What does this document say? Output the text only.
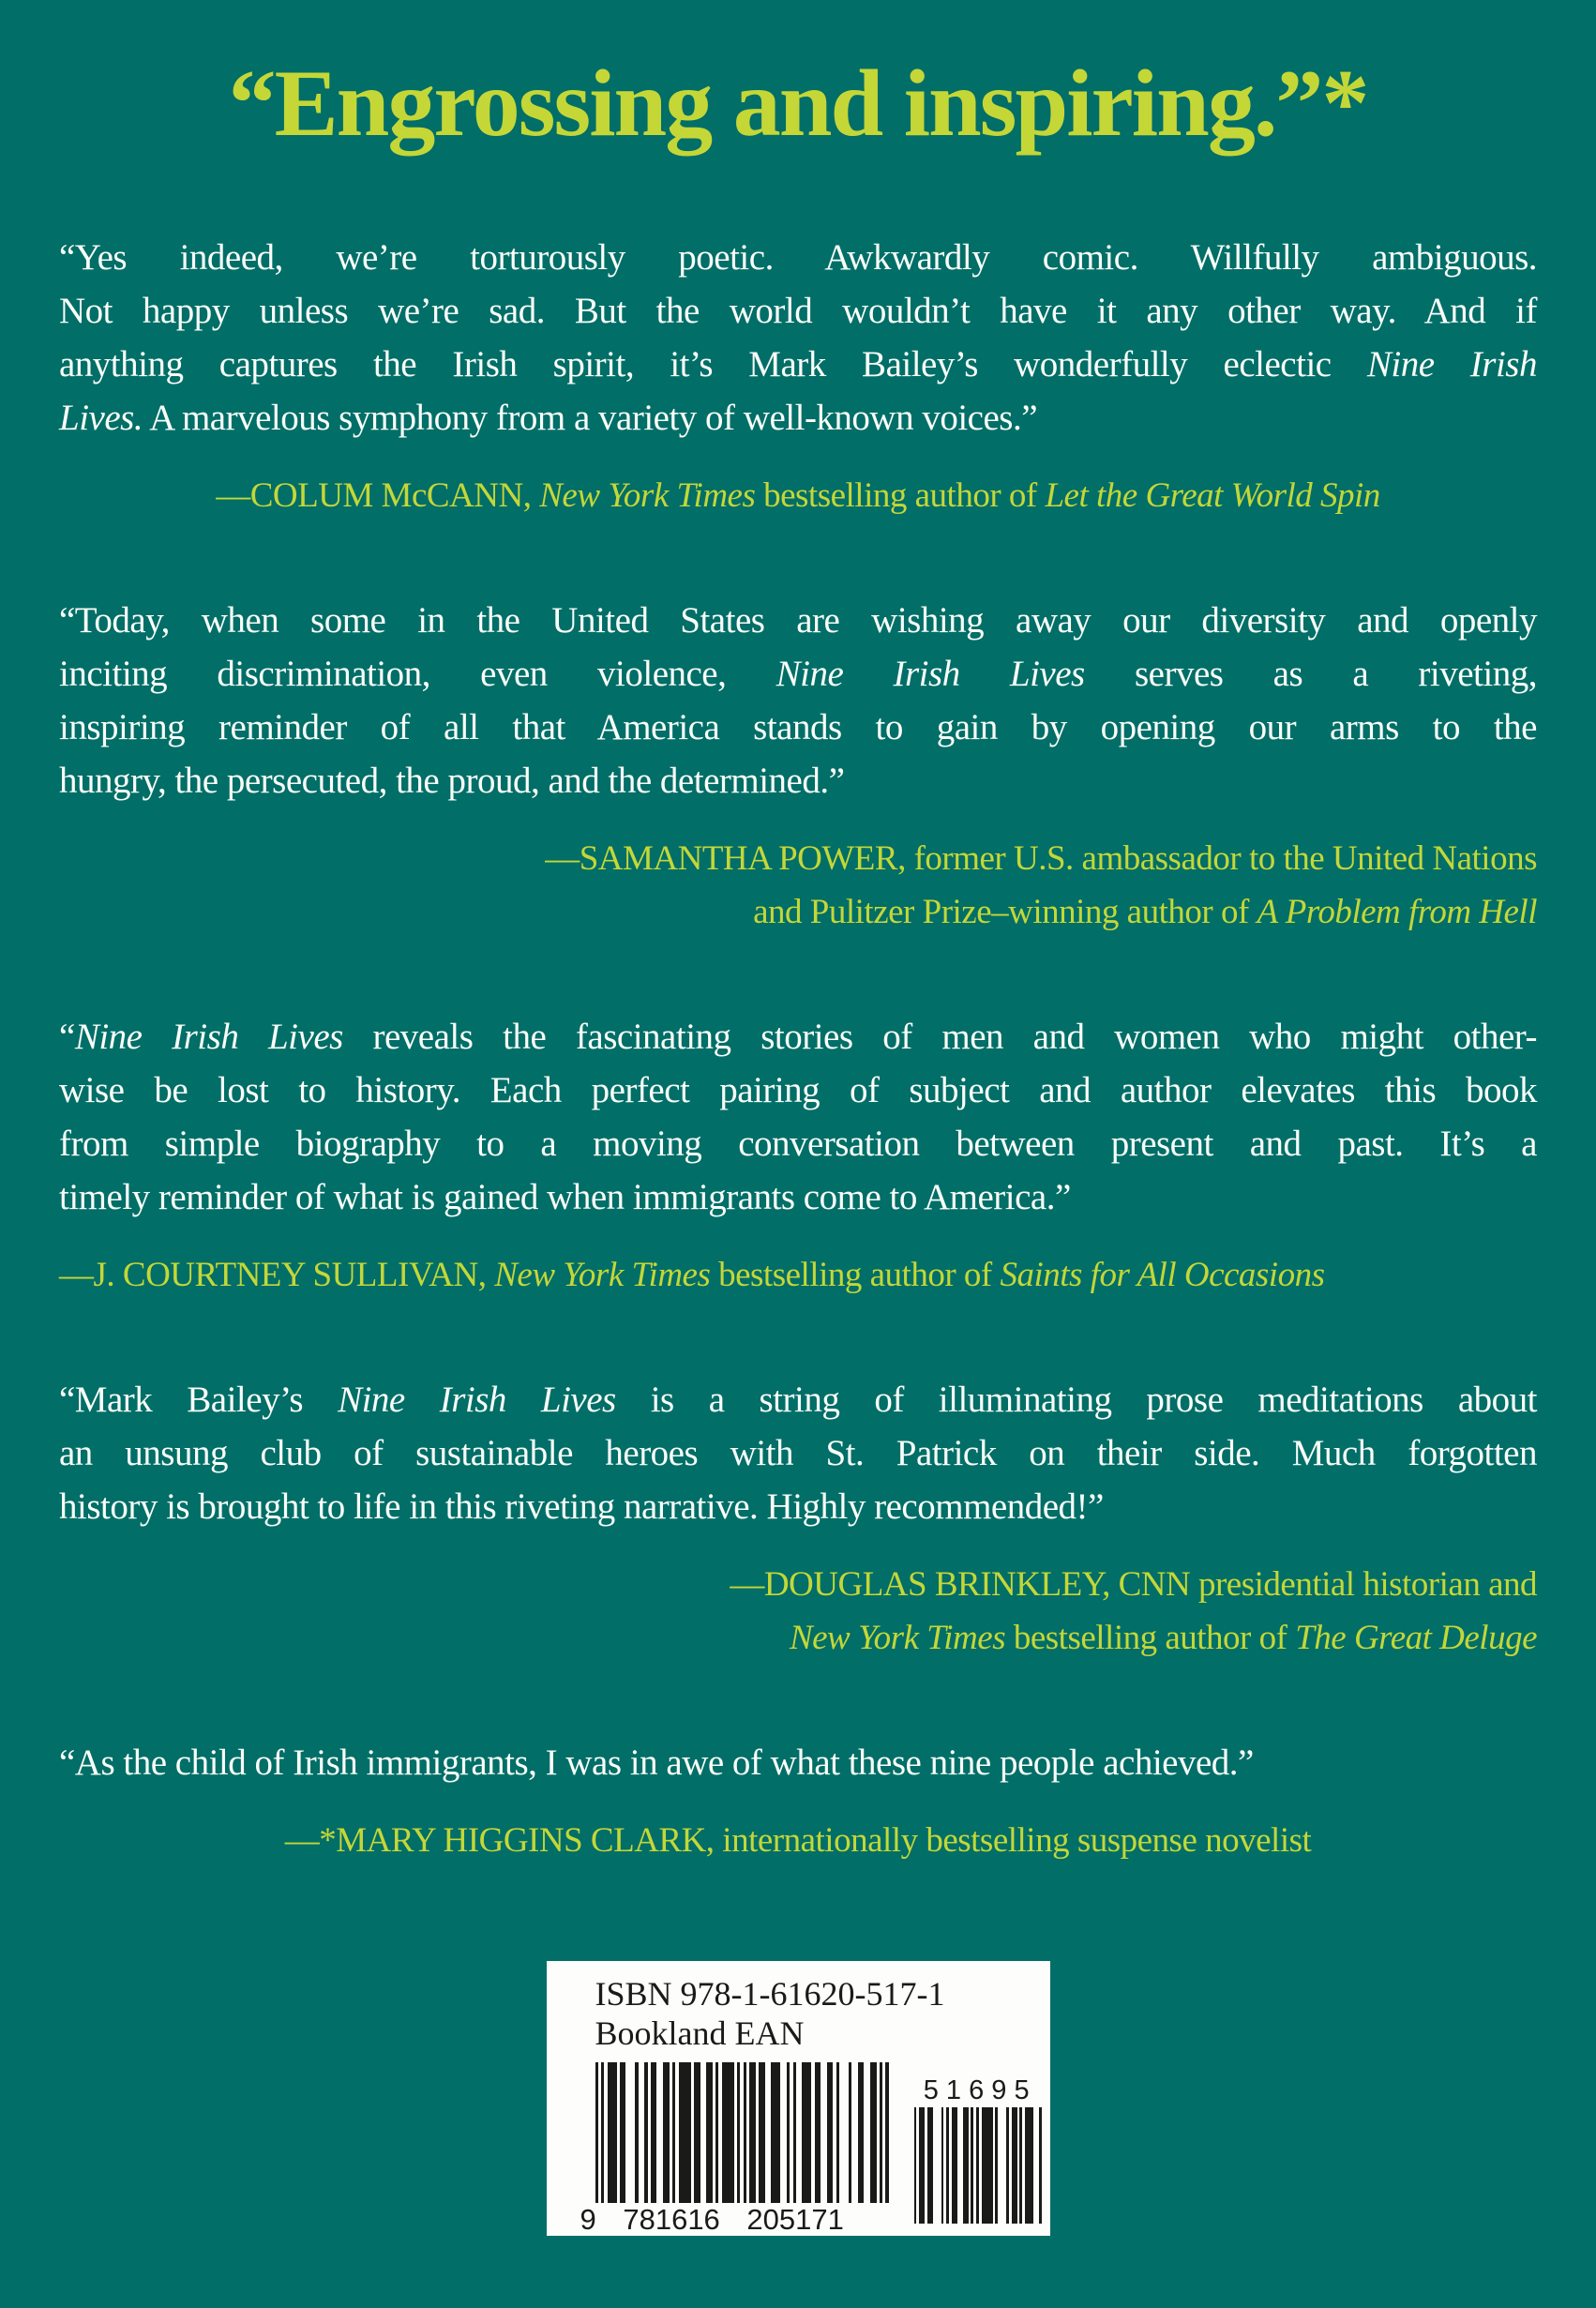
“Engrossing and inspiring.”*
“Yes indeed, we’re torturously poetic. Awkwardly comic. Willfully ambiguous.
Not happy unless we’re sad. But the world wouldn’t have it any other way. And if
anything captures the Irish spirit, it’s Mark Bailey’s wonderfully eclectic Nine Irish
Lives. A marvelous symphony from a variety of well-known voices.”
—COLUM McCANN, New York Times bestselling author of Let the Great World Spin
“Today, when some in the United States are wishing away our diversity and openly
inciting discrimination, even violence, Nine Irish Lives serves as a riveting,
inspiring reminder of all that America stands to gain by opening our arms to the
hungry, the persecuted, the proud, and the determined.”
—SAMANTHA POWER, former U.S. ambassador to the United Nations
and Pulitzer Prize–winning author of A Problem from Hell
“Nine Irish Lives reveals the fascinating stories of men and women who might other-
wise be lost to history. Each perfect pairing of subject and author elevates this book
from simple biography to a moving conversation between present and past. It’s a
timely reminder of what is gained when immigrants come to America.”
—J. COURTNEY SULLIVAN, New York Times bestselling author of Saints for All Occasions
“Mark Bailey’s Nine Irish Lives is a string of illuminating prose meditations about
an unsung club of sustainable heroes with St. Patrick on their side. Much forgotten
history is brought to life in this riveting narrative. Highly recommended!”
—DOUGLAS BRINKLEY, CNN presidential historian and
New York Times bestselling author of The Great Deluge
“As the child of Irish immigrants, I was in awe of what these nine people achieved.”
—*MARY HIGGINS CLARK, internationally bestselling suspense novelist
ISBN 978-1-61620-517-1
Bookland EAN
9 781616 205171
5 1 6 9 5
